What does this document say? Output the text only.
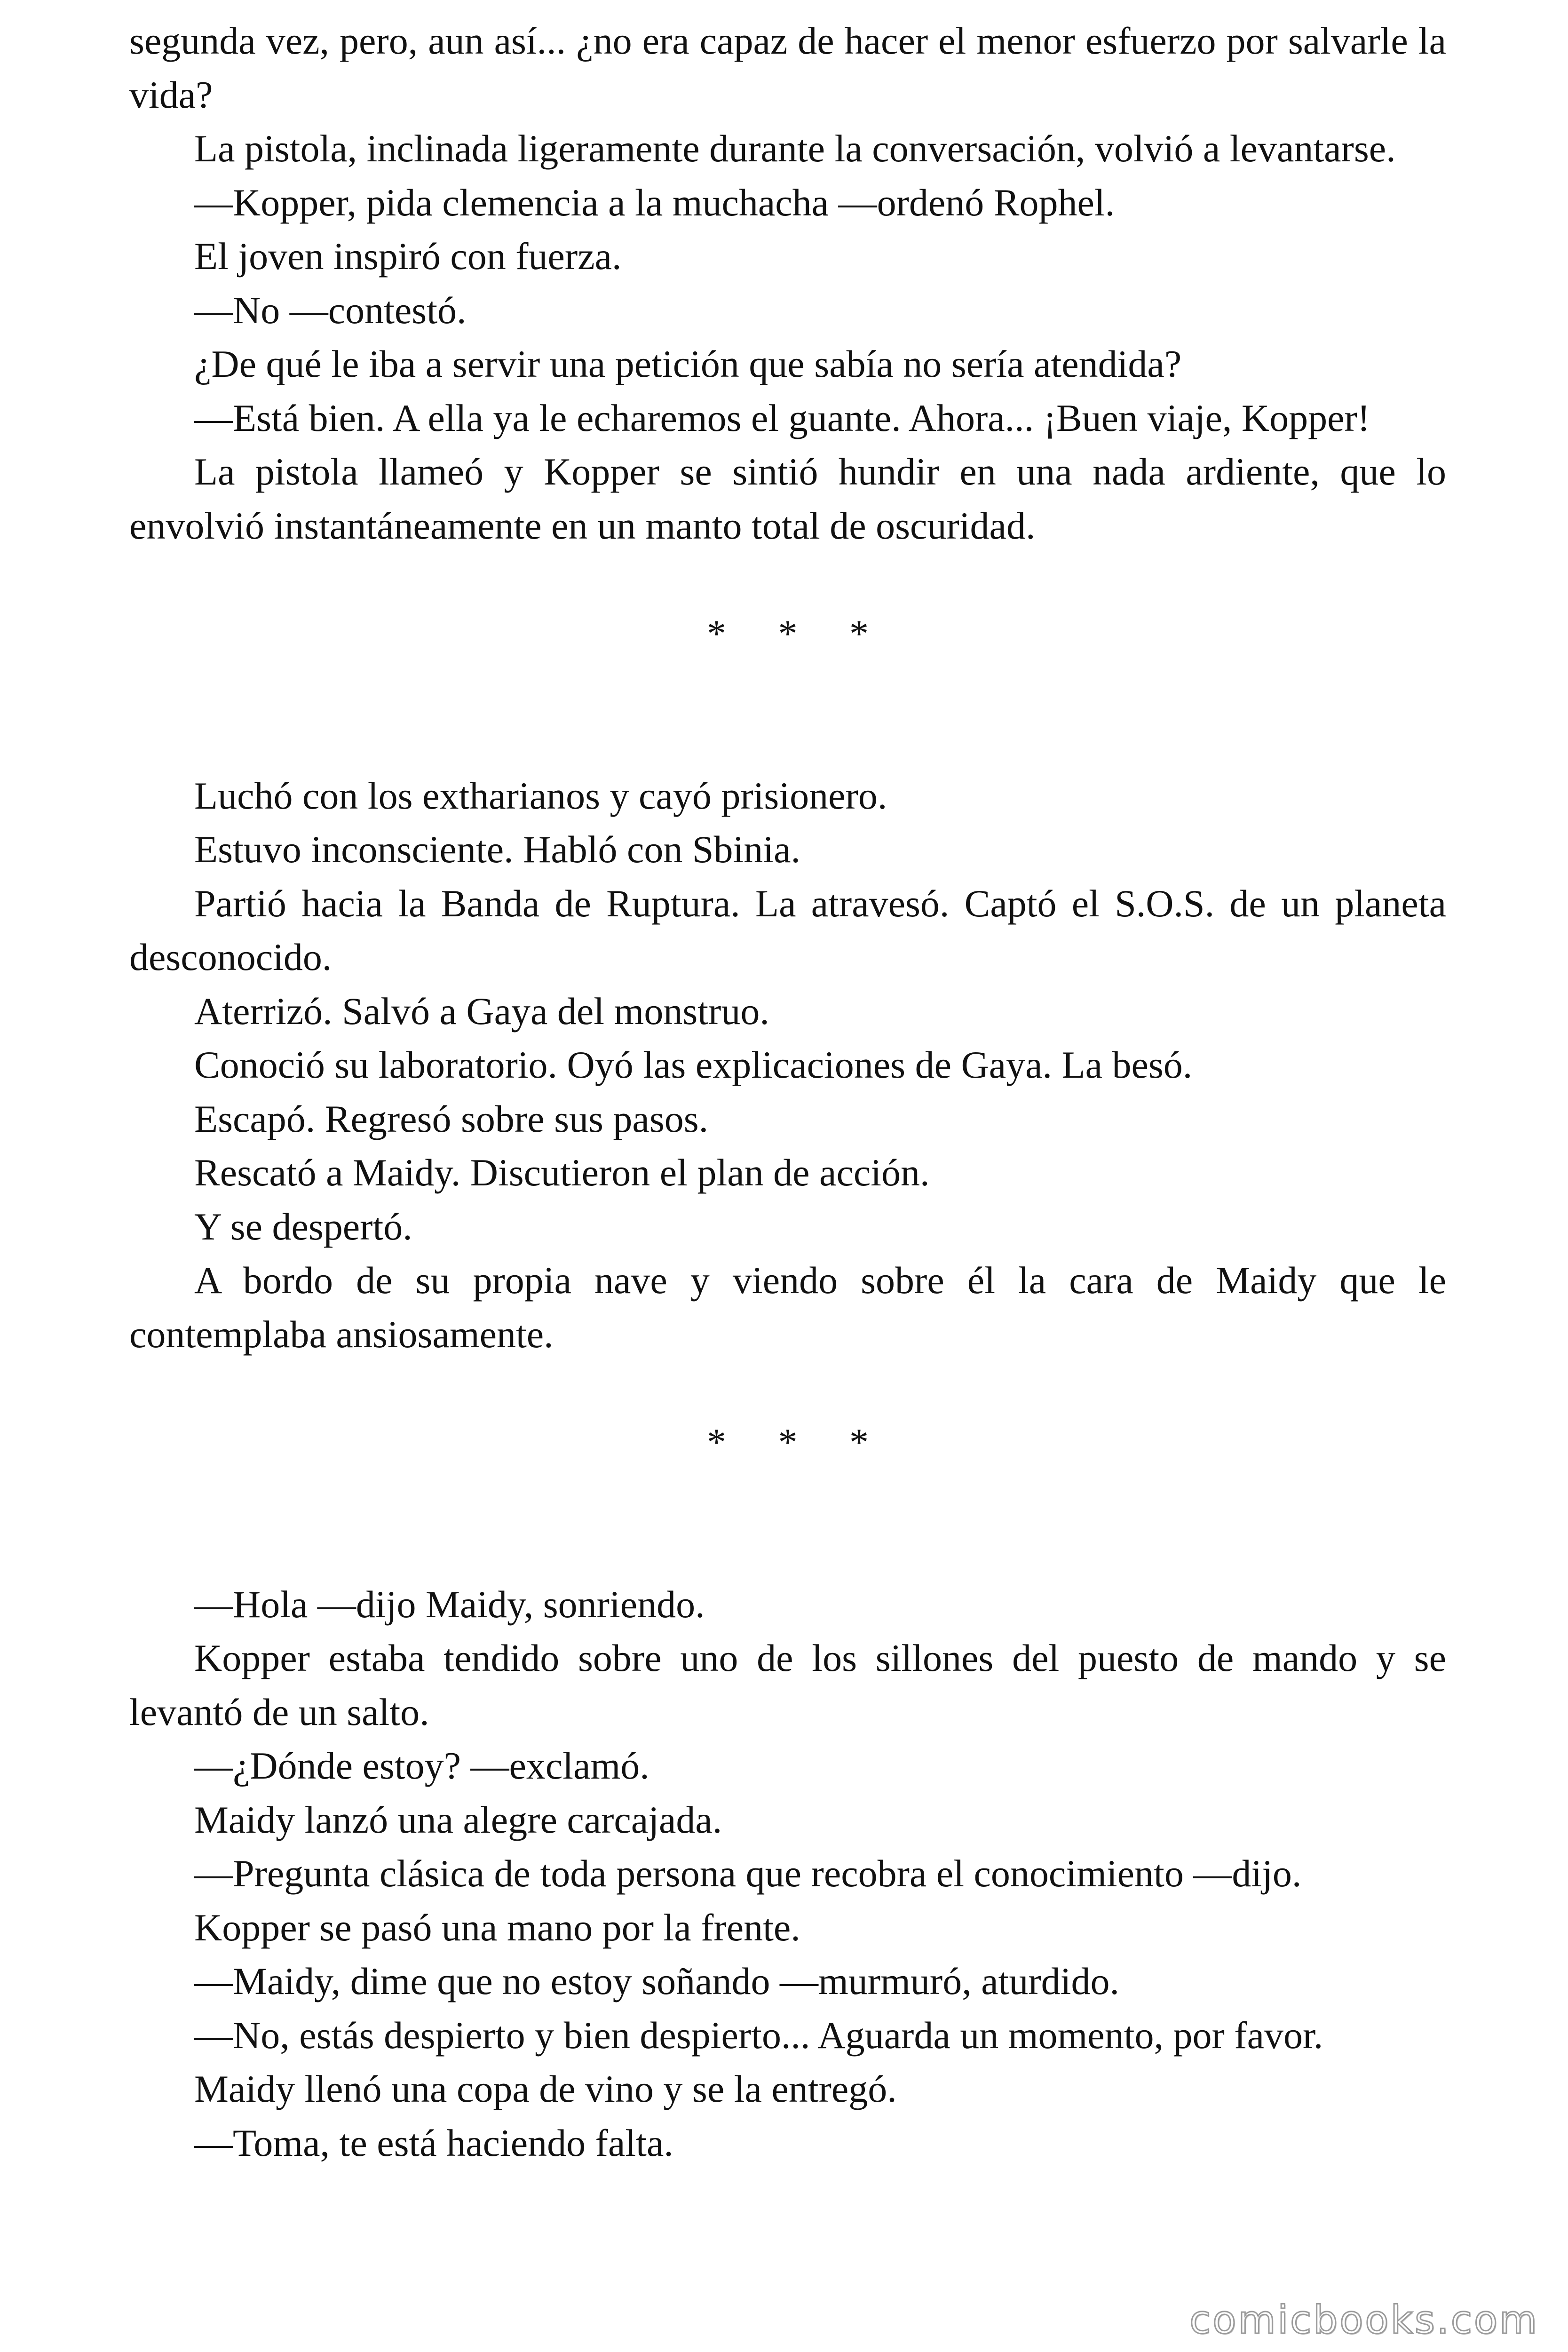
segunda vez, pero, aun así... ¿no era capaz de hacer el menor esfuerzo por salvarle la vida?

La pistola, inclinada ligeramente durante la conversación, volvió a levantarse.

—Kopper, pida clemencia a la muchacha —ordenó Rophel.

El joven inspiró con fuerza.

—No —contestó.

¿De qué le iba a servir una petición que sabía no sería atendida?

—Está bien. A ella ya le echaremos el guante. Ahora... ¡Buen viaje, Kopper!

La pistola llameó y Kopper se sintió hundir en una nada ardiente, que lo envolvió instantáneamente en un manto total de oscuridad.

* * *

Luchó con los extharianos y cayó prisionero.

Estuvo inconsciente. Habló con Sbinia.

Partió hacia la Banda de Ruptura. La atravesó. Captó el S.O.S. de un planeta desconocido.

Aterrizó. Salvó a Gaya del monstruo.

Conoció su laboratorio. Oyó las explicaciones de Gaya. La besó.

Escapó. Regresó sobre sus pasos.

Rescató a Maidy. Discutieron el plan de acción.

Y se despertó.

A bordo de su propia nave y viendo sobre él la cara de Maidy que le contemplaba ansiosamente.

* * *

—Hola —dijo Maidy, sonriendo.

Kopper estaba tendido sobre uno de los sillones del puesto de mando y se levantó de un salto.

—¿Dónde estoy? —exclamó.

Maidy lanzó una alegre carcajada.

—Pregunta clásica de toda persona que recobra el conocimiento —dijo.

Kopper se pasó una mano por la frente.

—Maidy, dime que no estoy soñando —murmuró, aturdido.

—No, estás despierto y bien despierto... Aguarda un momento, por favor.

Maidy llenó una copa de vino y se la entregó.

—Toma, te está haciendo falta.

comicbooks.com
